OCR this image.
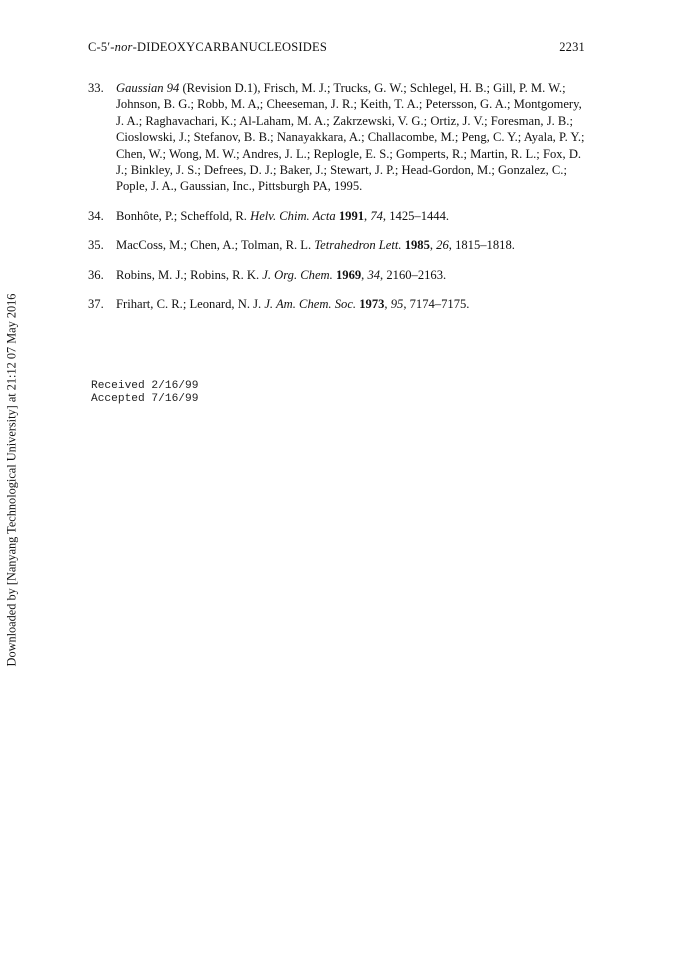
C-5′-nor-DIDEOXYCARBANUCLEOSIDES	2231
33. Gaussian 94 (Revision D.1), Frisch, M. J.; Trucks, G. W.; Schlegel, H. B.; Gill, P. M. W.; Johnson, B. G.; Robb, M. A,; Cheeseman, J. R.; Keith, T. A.; Petersson, G. A.; Montgomery, J. A.; Raghavachari, K.; Al-Laham, M. A.; Zakrzewski, V. G.; Ortiz, J. V.; Foresman, J. B.; Cioslowski, J.; Stefanov, B. B.; Nanayakkara, A.; Challacombe, M.; Peng, C. Y.; Ayala, P. Y.; Chen, W.; Wong, M. W.; Andres, J. L.; Replogle, E. S.; Gomperts, R.; Martin, R. L.; Fox, D. J.; Binkley, J. S.; Defrees, D. J.; Baker, J.; Stewart, J. P.; Head-Gordon, M.; Gonzalez, C.; Pople, J. A., Gaussian, Inc., Pittsburgh PA, 1995.
34. Bonhôte, P.; Scheffold, R. Helv. Chim. Acta 1991, 74, 1425–1444.
35. MacCoss, M.; Chen, A.; Tolman, R. L. Tetrahedron Lett. 1985, 26, 1815–1818.
36. Robins, M. J.; Robins, R. K. J. Org. Chem. 1969, 34, 2160–2163.
37. Frihart, C. R.; Leonard, N. J. J. Am. Chem. Soc. 1973, 95, 7174–7175.
Received 2/16/99
Accepted 7/16/99
Downloaded by [Nanyang Technological University] at 21:12 07 May 2016
